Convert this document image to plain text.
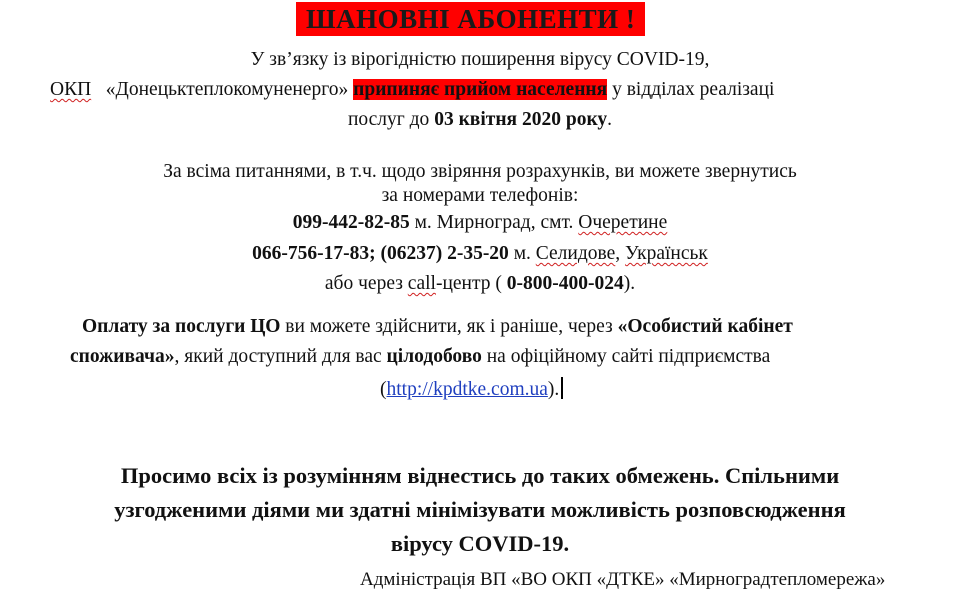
ШАНОВНІ АБОНЕНТИ !
У зв’язку із вірогідністю поширення вірусу COVID-19,
ОКП «Донецьктеплокомуненерго» припиняє прийом населення у відділах реалізаці
послуг до 03 квітня 2020 року.
За всіма питаннями, в т.ч. щодо звіряння розрахунків, ви можете звернутись
за номерами телефонів:
099-442-82-85 м. Мирноград, смт. Очеретине
066-756-17-83; (06237) 2-35-20 м. Селидове, Українськ
або через call-центр ( 0-800-400-024).
Оплату за послуги ЦО ви можете здійснити, як і раніше, через «Особистий кабінет
споживача», який доступний для вас цілодобово на офіційному сайті підприємства
(http://kpdtke.com.ua).
Просимо всіх із розумінням віднестись до таких обмежень. Спільними
узгодженими діями ми здатні мінімізувати можливість розповсюдження
вірусу COVID-19.
Адміністрація ВП «ВО ОКП «ДТКЕ» «Мирноградтепломережа»
